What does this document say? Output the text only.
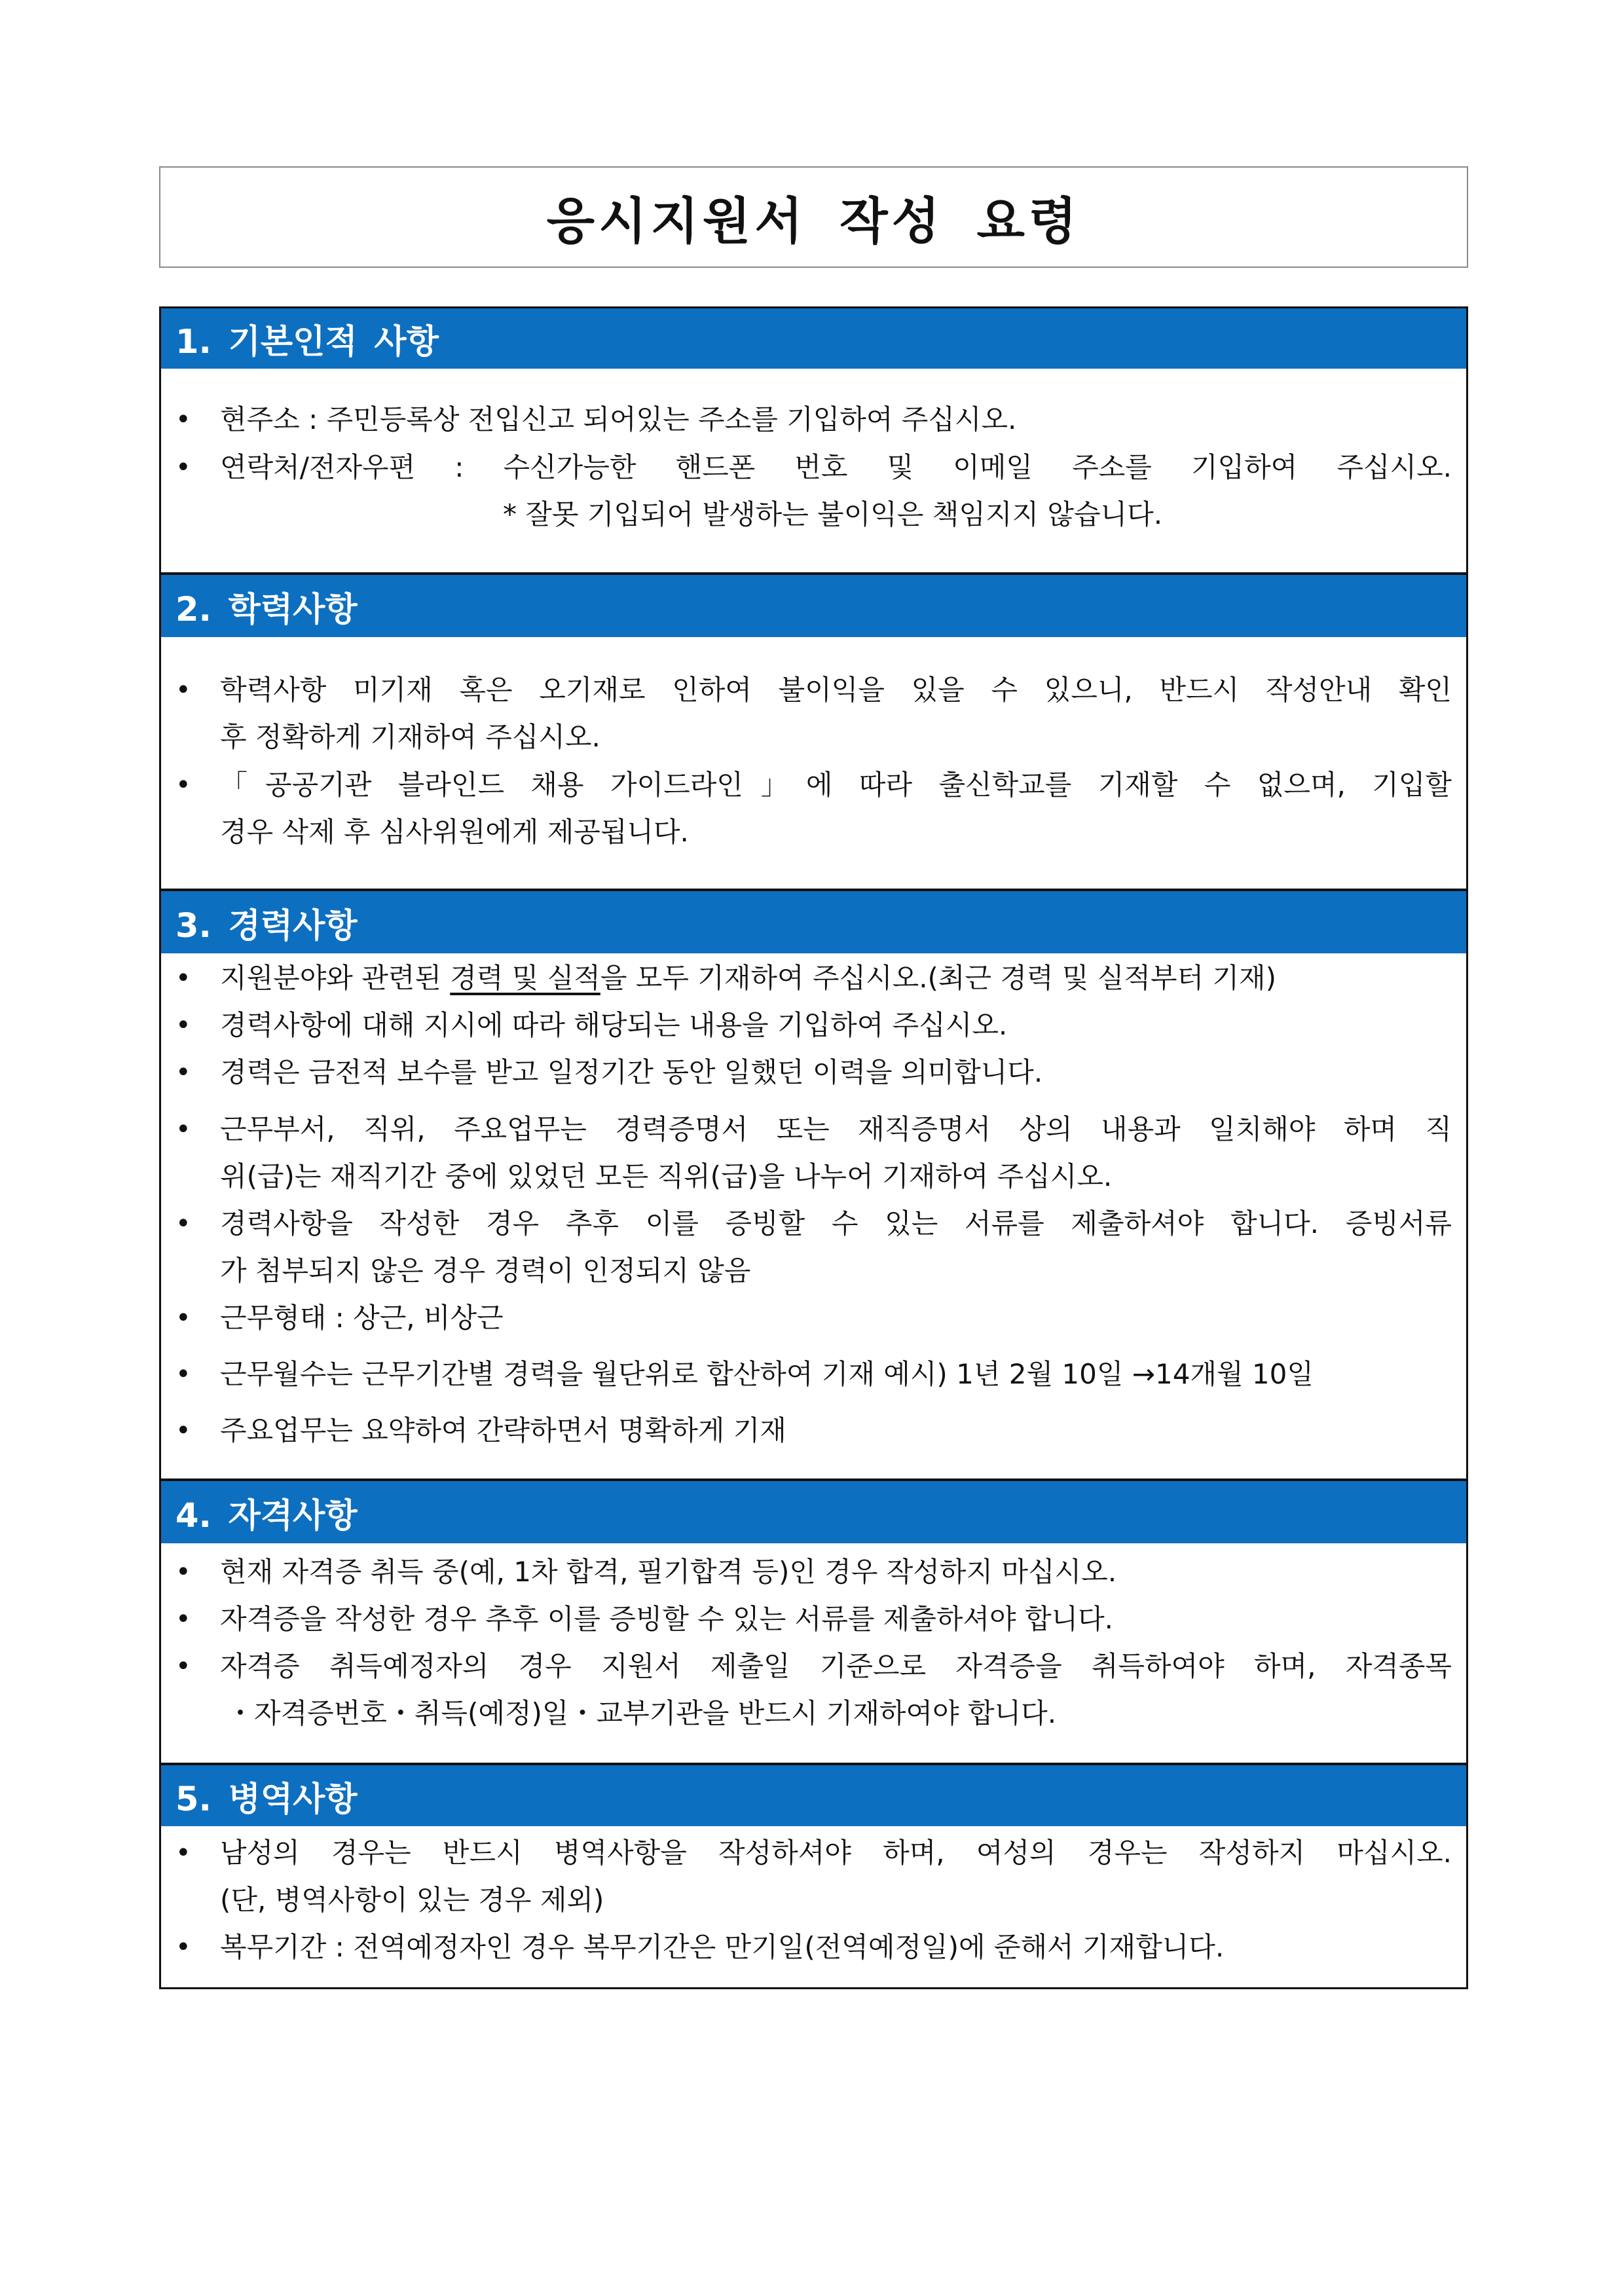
응시지원서 작성 요령
1. 기본인적 사항
• 현주소 : 주민등록상 전입신고 되어있는 주소를 기입하여 주십시오.
• 연락처/전자우편 : 수신가능한 핸드폰 번호 및 이메일 주소를 기입하여 주십시오.
* 잘못 기입되어 발생하는 불이익은 책임지지 않습니다.
2. 학력사항
• 학력사항 미기재 혹은 오기재로 인하여 불이익을 있을 수 있으니, 반드시 작성안내 확인
후 정확하게 기재하여 주십시오.
• 「공공기관 블라인드 채용 가이드라인」에 따라 출신학교를 기재할 수 없으며, 기입할
경우 삭제 후 심사위원에게 제공됩니다.
3. 경력사항
• 지원분야와 관련된 경력 및 실적을 모두 기재하여 주십시오.(최근 경력 및 실적부터 기재)
• 경력사항에 대해 지시에 따라 해당되는 내용을 기입하여 주십시오.
• 경력은 금전적 보수를 받고 일정기간 동안 일했던 이력을 의미합니다.
• 근무부서, 직위, 주요업무는 경력증명서 또는 재직증명서 상의 내용과 일치해야 하며 직
위(급)는 재직기간 중에 있었던 모든 직위(급)을 나누어 기재하여 주십시오.
• 경력사항을 작성한 경우 추후 이를 증빙할 수 있는 서류를 제출하셔야 합니다. 증빙서류
가 첨부되지 않은 경우 경력이 인정되지 않음
• 근무형태 : 상근, 비상근
• 근무월수는 근무기간별 경력을 월단위로 합산하여 기재 예시) 1년 2월 10일 →14개월 10일
• 주요업무는 요약하여 간략하면서 명확하게 기재
4. 자격사항
• 현재 자격증 취득 중(예, 1차 합격, 필기합격 등)인 경우 작성하지 마십시오.
• 자격증을 작성한 경우 추후 이를 증빙할 수 있는 서류를 제출하셔야 합니다.
• 자격증 취득예정자의 경우 지원서 제출일 기준으로 자격증을 취득하여야 하며, 자격종목
・자격증번호・취득(예정)일・교부기관을 반드시 기재하여야 합니다.
5. 병역사항
• 남성의 경우는 반드시 병역사항을 작성하셔야 하며, 여성의 경우는 작성하지 마십시오.
(단, 병역사항이 있는 경우 제외)
• 복무기간 : 전역예정자인 경우 복무기간은 만기일(전역예정일)에 준해서 기재합니다.
